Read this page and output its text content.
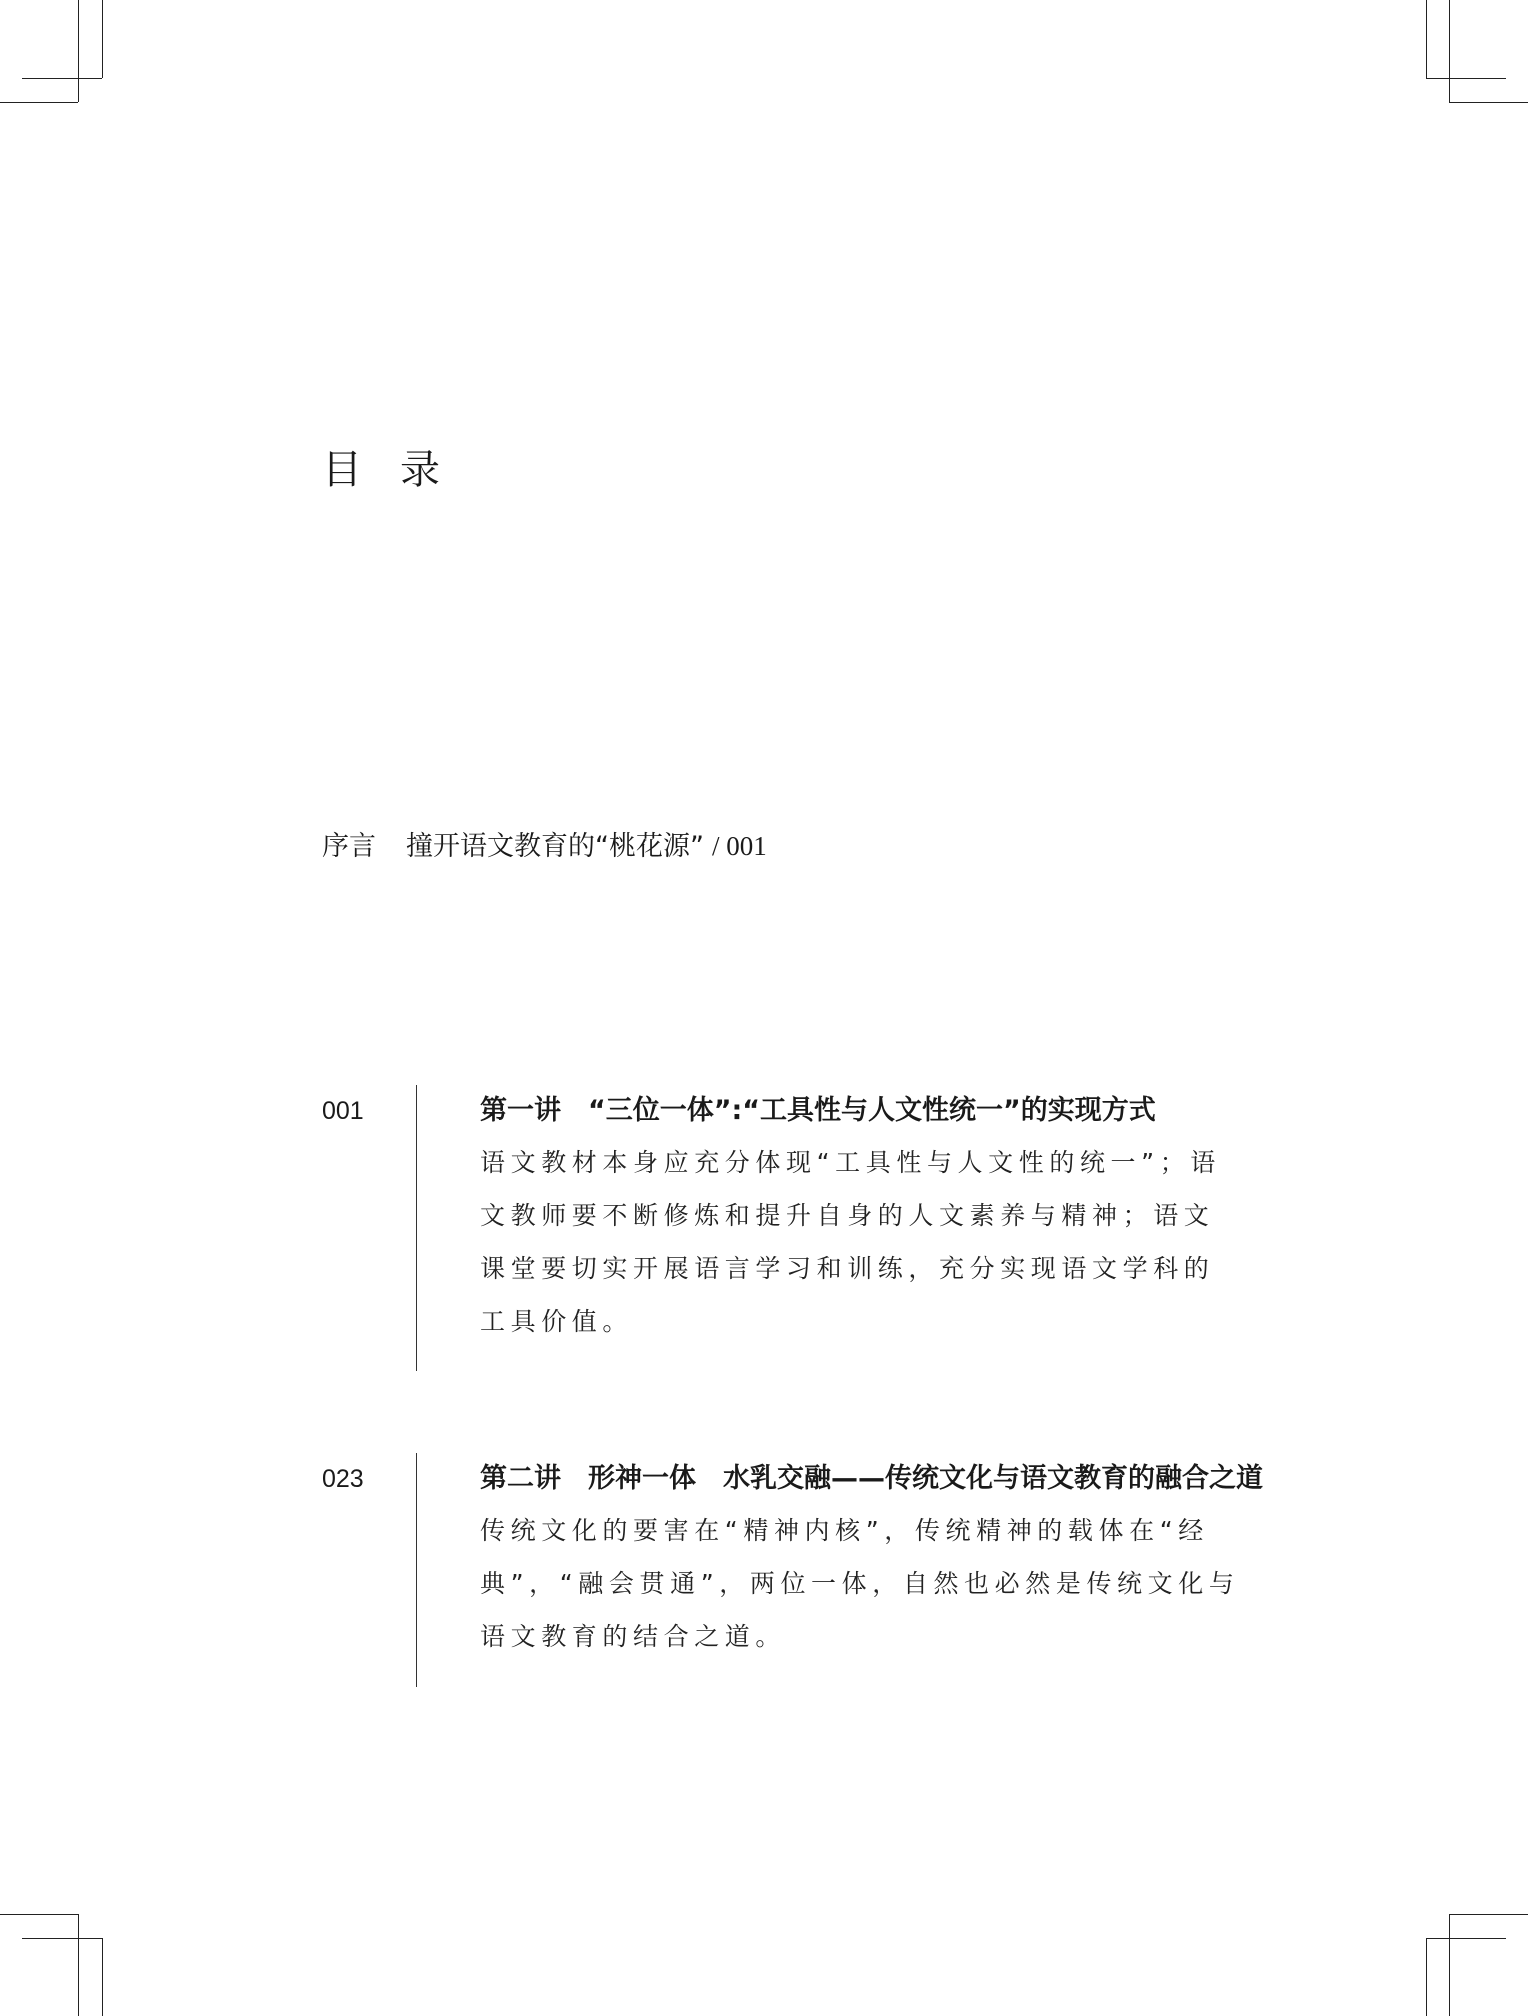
目录
序言 撞开语文教育的“桃花源” / 001
001	第一讲　“三位一体”:“工具性与人文性统一”的实现方式
语文教材本身应充分体现“工具性与人文性的统一”；语文教师要不断修炼和提升自身的人文素养与精神；语文课堂要切实开展语言学习和训练，充分实现语文学科的工具价值。
023	第二讲　形神一体　水乳交融——传统文化与语文教育的融合之道
传统文化的要害在“精神内核”，传统精神的载体在“经典”，“融会贯通”，两位一体，自然也必然是传统文化与语文教育的结合之道。
